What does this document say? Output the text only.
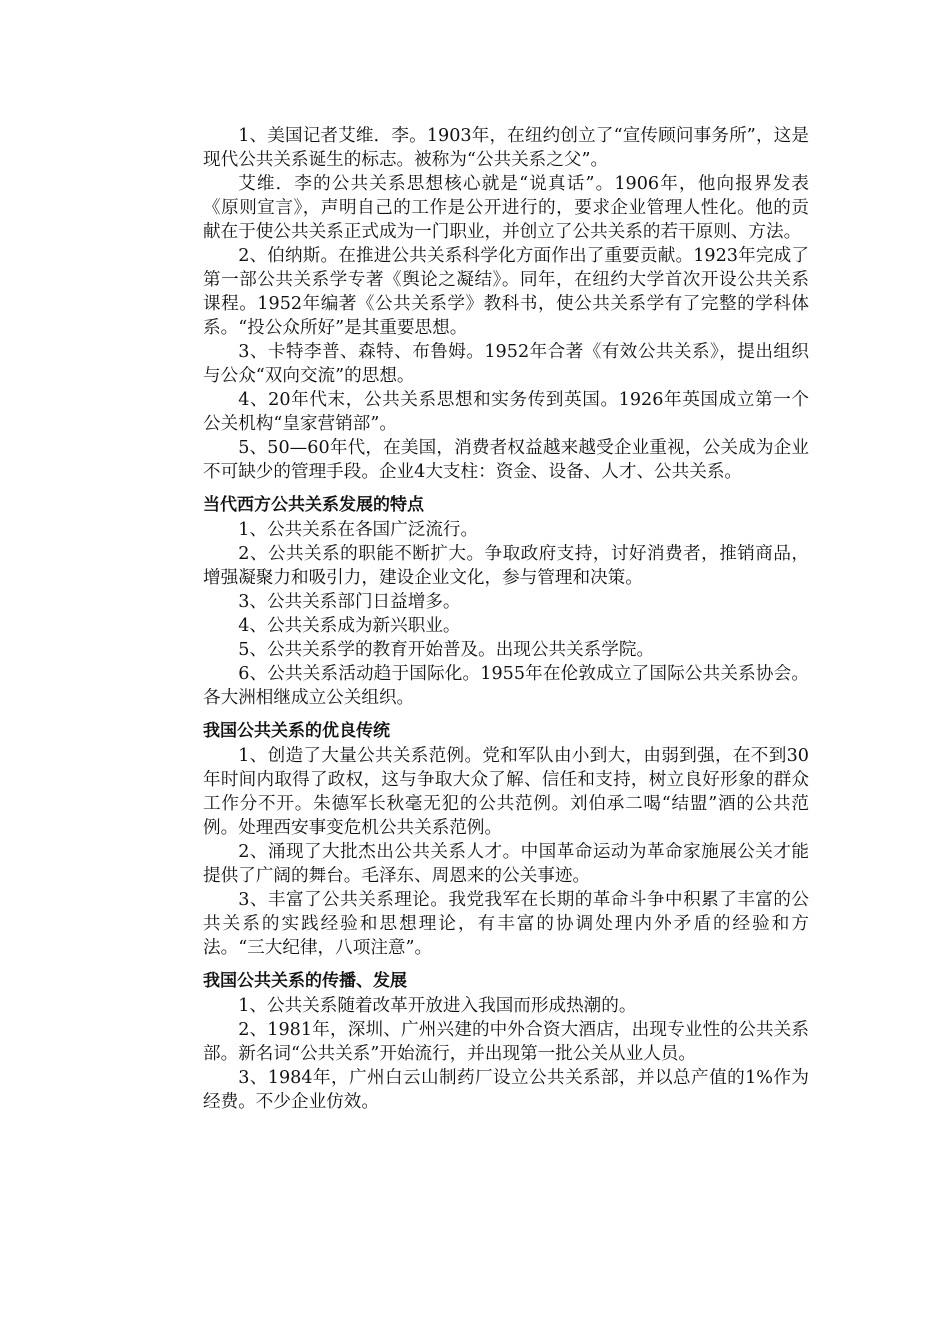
1、美国记者艾维．李。1903年，在纽约创立了“宣传顾问事务所”，这是现代公共关系诞生的标志。被称为“公共关系之父”。

艾维．李的公共关系思想核心就是“说真话”。1906年，他向报界发表《原则宣言》，声明自己的工作是公开进行的，要求企业管理人性化。他的贡献在于使公共关系正式成为一门职业，并创立了公共关系的若干原则、方法。

2、伯纳斯。在推进公共关系科学化方面作出了重要贡献。1923年完成了第一部公共关系学专著《舆论之凝结》。同年，在纽约大学首次开设公共关系课程。1952年编著《公共关系学》教科书，使公共关系学有了完整的学科体系。“投公众所好”是其重要思想。

3、卡特李普、森特、布鲁姆。1952年合著《有效公共关系》，提出组织与公众“双向交流”的思想。

4、20年代末，公共关系思想和实务传到英国。1926年英国成立第一个公关机构“皇家营销部”。

5、50—60年代，在美国，消费者权益越来越受企业重视，公关成为企业不可缺少的管理手段。企业4大支柱：资金、设备、人才、公共关系。

当代西方公共关系发展的特点

1、公共关系在各国广泛流行。

2、公共关系的职能不断扩大。争取政府支持，讨好消费者，推销商品，增强凝聚力和吸引力，建设企业文化，参与管理和决策。

3、公共关系部门日益增多。

4、公共关系成为新兴职业。

5、公共关系学的教育开始普及。出现公共关系学院。

6、公共关系活动趋于国际化。1955年在伦敦成立了国际公共关系协会。各大洲相继成立公关组织。

我国公共关系的优良传统

1、创造了大量公共关系范例。党和军队由小到大，由弱到强，在不到30年时间内取得了政权，这与争取大众了解、信任和支持，树立良好形象的群众工作分不开。朱德军长秋毫无犯的公共范例。刘伯承二喝“结盟”酒的公共范例。处理西安事变危机公共关系范例。

2、涌现了大批杰出公共关系人才。中国革命运动为革命家施展公关才能提供了广阔的舞台。毛泽东、周恩来的公关事迹。

3、丰富了公共关系理论。我党我军在长期的革命斗争中积累了丰富的公共关系的实践经验和思想理论，有丰富的协调处理内外矛盾的经验和方法。“三大纪律，八项注意”。

我国公共关系的传播、发展

1、公共关系随着改革开放进入我国而形成热潮的。

2、1981年，深圳、广州兴建的中外合资大酒店，出现专业性的公共关系部。新名词“公共关系”开始流行，并出现第一批公关从业人员。

3、1984年，广州白云山制药厂设立公共关系部，并以总产值的1%作为经费。不少企业仿效。
